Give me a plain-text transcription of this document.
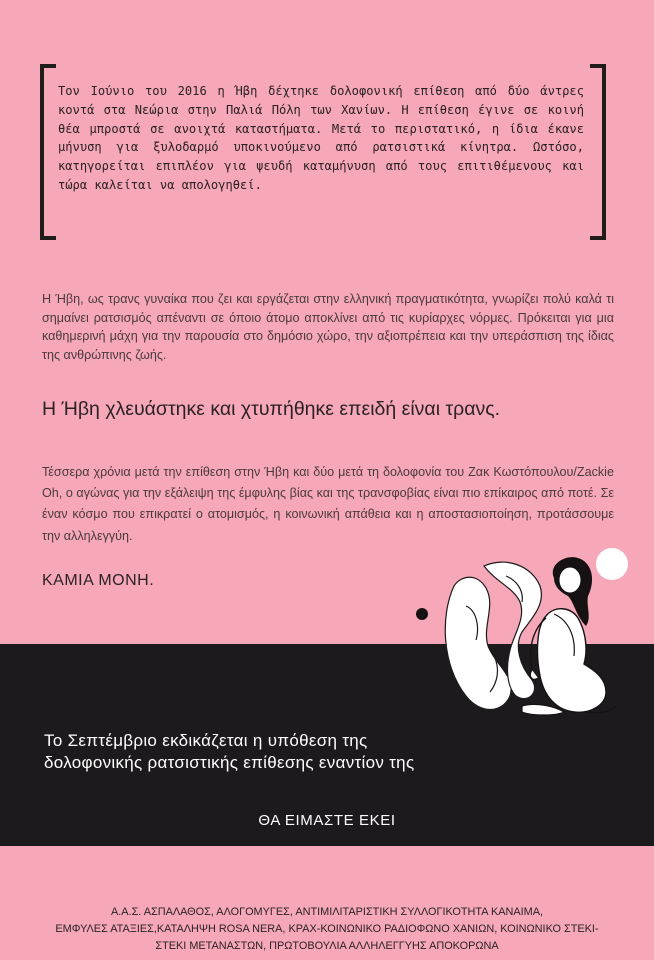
Τον Ιούνιο του 2016 η Ήβη δέχτηκε δολοφονική επίθεση από δύο άντρες κοντά στα Νεώρια στην Παλιά Πόλη των Χανίων. Η επίθεση έγινε σε κοινή θέα μπροστά σε ανοιχτά καταστήματα. Μετά το περιστατικό, η ίδια έκανε μήνυση για ξυλοδαρμό υποκινούμενο από ρατσιστικά κίνητρα. Ωστόσο, κατηγορείται επιπλέον για ψευδή καταμήνυση από τους επιτιθέμενους και τώρα καλείται να απολογηθεί.
Η Ήβη, ως τρανς γυναίκα που ζει και εργάζεται στην ελληνική πραγματικότητα, γνωρίζει πολύ καλά τι σημαίνει ρατσισμός απέναντι σε όποιο άτομο αποκλίνει από τις κυρίαρχες νόρμες. Πρόκειται για μια καθημερινή μάχη για την παρουσία στο δημόσιο χώρο, την αξιοπρέπεια και την υπεράσπιση της ίδιας της ανθρώπινης ζωής.
Η Ήβη χλευάστηκε και χτυπήθηκε επειδή είναι τρανς.
Τέσσερα χρόνια μετά την επίθεση στην Ήβη και δύο μετά τη δολοφονία του Ζακ Κωστόπουλου/Zackie Oh, ο αγώνας για την εξάλειψη της έμφυλης βίας και της τρανσφοβίας είναι πιο επίκαιρος από ποτέ. Σε έναν κόσμο που επικρατεί ο ατομισμός, η κοινωνική απάθεια και η αποστασιοποίηση, προτάσσουμε την αλληλεγγύη.
ΚΑΜΙΑ ΜΟΝΗ.
Το Σεπτέμβριο εκδικάζεται η υπόθεση της
δολοφονικής ρατσιστικής επίθεσης εναντίον της
ΘΑ ΕΙΜΑΣΤΕ ΕΚΕΙ
Α.Α.Σ. ΑΣΠΑΛΑΘΟΣ, ΑΛΟΓΟΜΥΓΕΣ, ΑΝΤΙΜΙΛΙΤΑΡΙΣΤΙΚΗ ΣΥΛΛΟΓΙΚΟΤΗΤΑ ΚΑΝΑΙΜΑ,
ΕΜΦΥΛΕΣ ΑΤΑΞΙΕΣ,ΚΑΤΑΛΗΨΗ ROSA NERA, ΚΡΑΧ-ΚΟΙΝΩΝΙΚΟ ΡΑΔΙΟΦΩΝΟ ΧΑΝΙΩΝ, ΚΟΙΝΩΝΙΚΟ ΣΤΕΚΙ-
ΣΤΕΚΙ ΜΕΤΑΝΑΣΤΩΝ, ΠΡΩΤΟΒΟΥΛΙΑ ΑΛΛΗΛΕΓΓΥΗΣ ΑΠΟΚΟΡΩΝΑ
